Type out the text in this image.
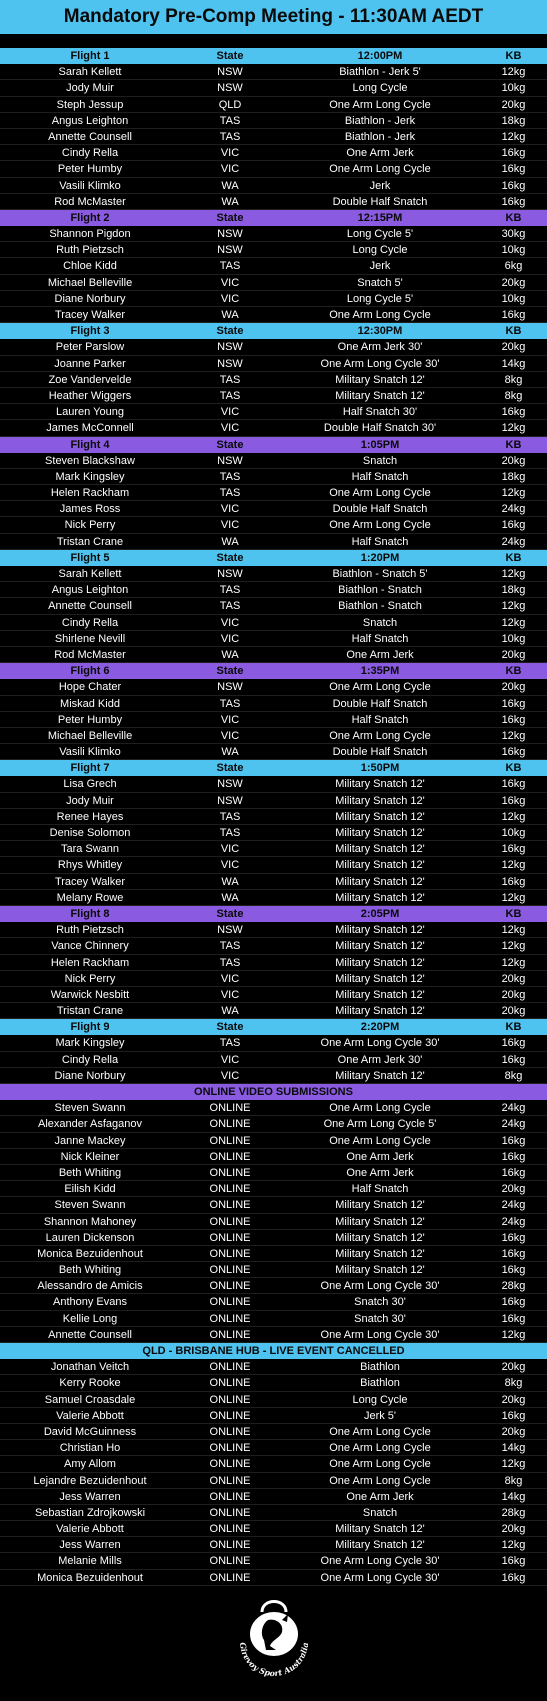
Mandatory Pre-Comp Meeting - 11:30AM AEDT
Flight 1	State	12:00PM	KB
Sarah Kellett	NSW	Biathlon - Jerk 5'	12kg
Jody Muir	NSW	Long Cycle	10kg
Steph Jessup	QLD	One Arm Long Cycle	20kg
Angus Leighton	TAS	Biathlon - Jerk	18kg
Annette Counsell	TAS	Biathlon - Jerk	12kg
Cindy Rella	VIC	One Arm Jerk	16kg
Peter Humby	VIC	One Arm Long Cycle	16kg
Vasili Klimko	WA	Jerk	16kg
Rod McMaster	WA	Double Half Snatch	16kg
Flight 2	State	12:15PM	KB
Shannon Pigdon	NSW	Long Cycle 5'	30kg
Ruth Pietzsch	NSW	Long Cycle	10kg
Chloe Kidd	TAS	Jerk	6kg
Michael Belleville	VIC	Snatch 5'	20kg
Diane Norbury	VIC	Long Cycle 5'	10kg
Tracey Walker	WA	One Arm Long Cycle	16kg
Flight 3	State	12:30PM	KB
Peter Parslow	NSW	One Arm Jerk 30'	20kg
Joanne Parker	NSW	One Arm Long Cycle 30'	14kg
Zoe Vandervelde	TAS	Military Snatch 12'	8kg
Heather Wiggers	TAS	Military Snatch 12'	8kg
Lauren Young	VIC	Half Snatch 30'	16kg
James McConnell	VIC	Double Half Snatch 30'	12kg
Flight 4	State	1:05PM	KB
Steven Blackshaw	NSW	Snatch	20kg
Mark Kingsley	TAS	Half Snatch	18kg
Helen Rackham	TAS	One Arm Long Cycle	12kg
James Ross	VIC	Double Half Snatch	24kg
Nick Perry	VIC	One Arm Long Cycle	16kg
Tristan Crane	WA	Half Snatch	24kg
Flight 5	State	1:20PM	KB
Sarah Kellett	NSW	Biathlon - Snatch 5'	12kg
Angus Leighton	TAS	Biathlon - Snatch	18kg
Annette Counsell	TAS	Biathlon - Snatch	12kg
Cindy Rella	VIC	Snatch	12kg
Shirlene Nevill	VIC	Half Snatch	10kg
Rod McMaster	WA	One Arm Jerk	20kg
Flight 6	State	1:35PM	KB
Hope Chater	NSW	One Arm Long Cycle	20kg
Miskad Kidd	TAS	Double Half Snatch	16kg
Peter Humby	VIC	Half Snatch	16kg
Michael Belleville	VIC	One Arm Long Cycle	12kg
Vasili Klimko	WA	Double Half Snatch	16kg
Flight 7	State	1:50PM	KB
Lisa Grech	NSW	Military Snatch 12'	16kg
Jody Muir	NSW	Military Snatch 12'	16kg
Renee Hayes	TAS	Military Snatch 12'	12kg
Denise Solomon	TAS	Military Snatch 12'	10kg
Tara Swann	VIC	Military Snatch 12'	16kg
Rhys Whitley	VIC	Military Snatch 12'	12kg
Tracey Walker	WA	Military Snatch 12'	16kg
Melany Rowe	WA	Military Snatch 12'	12kg
Flight 8	State	2:05PM	KB
Ruth Pietzsch	NSW	Military Snatch 12'	12kg
Vance Chinnery	TAS	Military Snatch 12'	12kg
Helen Rackham	TAS	Military Snatch 12'	12kg
Nick Perry	VIC	Military Snatch 12'	20kg
Warwick Nesbitt	VIC	Military Snatch 12'	20kg
Tristan Crane	WA	Military Snatch 12'	20kg
Flight 9	State	2:20PM	KB
Mark Kingsley	TAS	One Arm Long Cycle 30'	16kg
Cindy Rella	VIC	One Arm Jerk 30'	16kg
Diane Norbury	VIC	Military Snatch 12'	8kg
ONLINE VIDEO SUBMISSIONS
Steven Swann	ONLINE	One Arm Long Cycle	24kg
Alexander Asfaganov	ONLINE	One Arm Long Cycle 5'	24kg
Janne Mackey	ONLINE	One Arm Long Cycle	16kg
Nick Kleiner	ONLINE	One Arm Jerk	16kg
Beth Whiting	ONLINE	One Arm Jerk	16kg
Eilish Kidd	ONLINE	Half Snatch	20kg
Steven Swann	ONLINE	Military Snatch 12'	24kg
Shannon Mahoney	ONLINE	Military Snatch 12'	24kg
Lauren Dickenson	ONLINE	Military Snatch 12'	16kg
Monica Bezuidenhout	ONLINE	Military Snatch 12'	16kg
Beth Whiting	ONLINE	Military Snatch 12'	16kg
Alessandro de Amicis	ONLINE	One Arm Long Cycle 30'	28kg
Anthony Evans	ONLINE	Snatch 30'	16kg
Kellie Long	ONLINE	Snatch 30'	16kg
Annette Counsell	ONLINE	One Arm Long Cycle 30'	12kg
QLD - BRISBANE HUB - LIVE EVENT CANCELLED
Jonathan Veitch	ONLINE	Biathlon	20kg
Kerry Rooke	ONLINE	Biathlon	8kg
Samuel Croasdale	ONLINE	Long Cycle	20kg
Valerie Abbott	ONLINE	Jerk 5'	16kg
David McGuinness	ONLINE	One Arm Long Cycle	20kg
Christian Ho	ONLINE	One Arm Long Cycle	14kg
Amy Allom	ONLINE	One Arm Long Cycle	12kg
Lejandre Bezuidenhout	ONLINE	One Arm Long Cycle	8kg
Jess Warren	ONLINE	One Arm Jerk	14kg
Sebastian Zdrojkowski	ONLINE	Snatch	28kg
Valerie Abbott	ONLINE	Military Snatch 12'	20kg
Jess Warren	ONLINE	Military Snatch 12'	12kg
Melanie Mills	ONLINE	One Arm Long Cycle 30'	16kg
Monica Bezuidenhout	ONLINE	One Arm Long Cycle 30'	16kg
Girevoy Sport Australia
